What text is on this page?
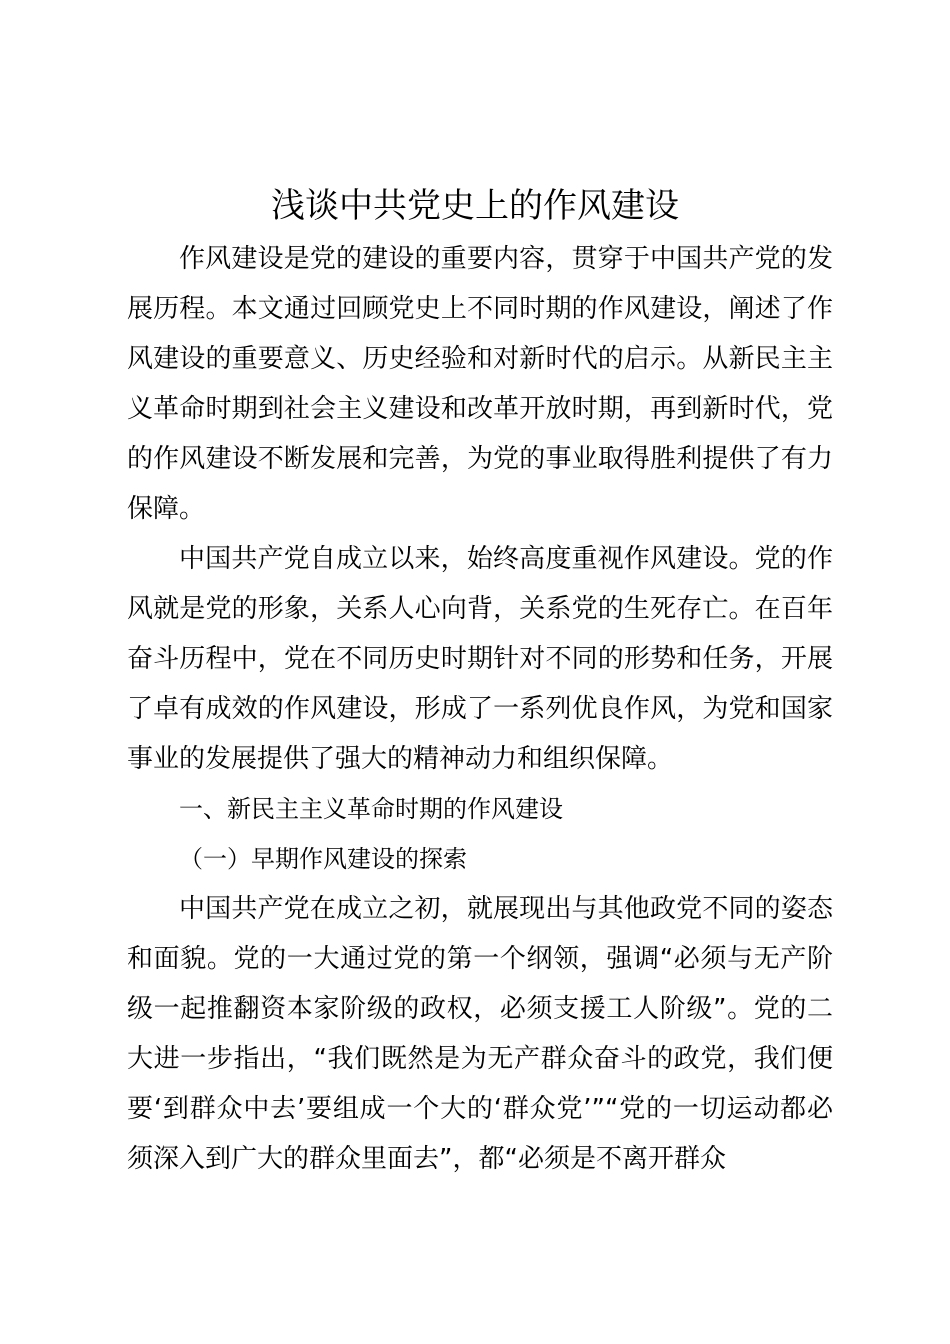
浅谈中共党史上的作风建设

作风建设是党的建设的重要内容，贯穿于中国共产党的发展历程。本文通过回顾党史上不同时期的作风建设，阐述了作风建设的重要意义、历史经验和对新时代的启示。从新民主主义革命时期到社会主义建设和改革开放时期，再到新时代，党的作风建设不断发展和完善，为党的事业取得胜利提供了有力保障。

中国共产党自成立以来，始终高度重视作风建设。党的作风就是党的形象，关系人心向背，关系党的生死存亡。在百年奋斗历程中，党在不同历史时期针对不同的形势和任务，开展了卓有成效的作风建设，形成了一系列优良作风，为党和国家事业的发展提供了强大的精神动力和组织保障。

一、新民主主义革命时期的作风建设

（一）早期作风建设的探索

中国共产党在成立之初，就展现出与其他政党不同的姿态和面貌。党的一大通过党的第一个纲领，强调“必须与无产阶级一起推翻资本家阶级的政权，必须支援工人阶级”。党的二大进一步指出，“我们既然是为无产群众奋斗的政党，我们便要‘到群众中去’要组成一个大的‘群众党’”“党的一切运动都必须深入到广大的群众里面去”，都“必须是不离开群众
